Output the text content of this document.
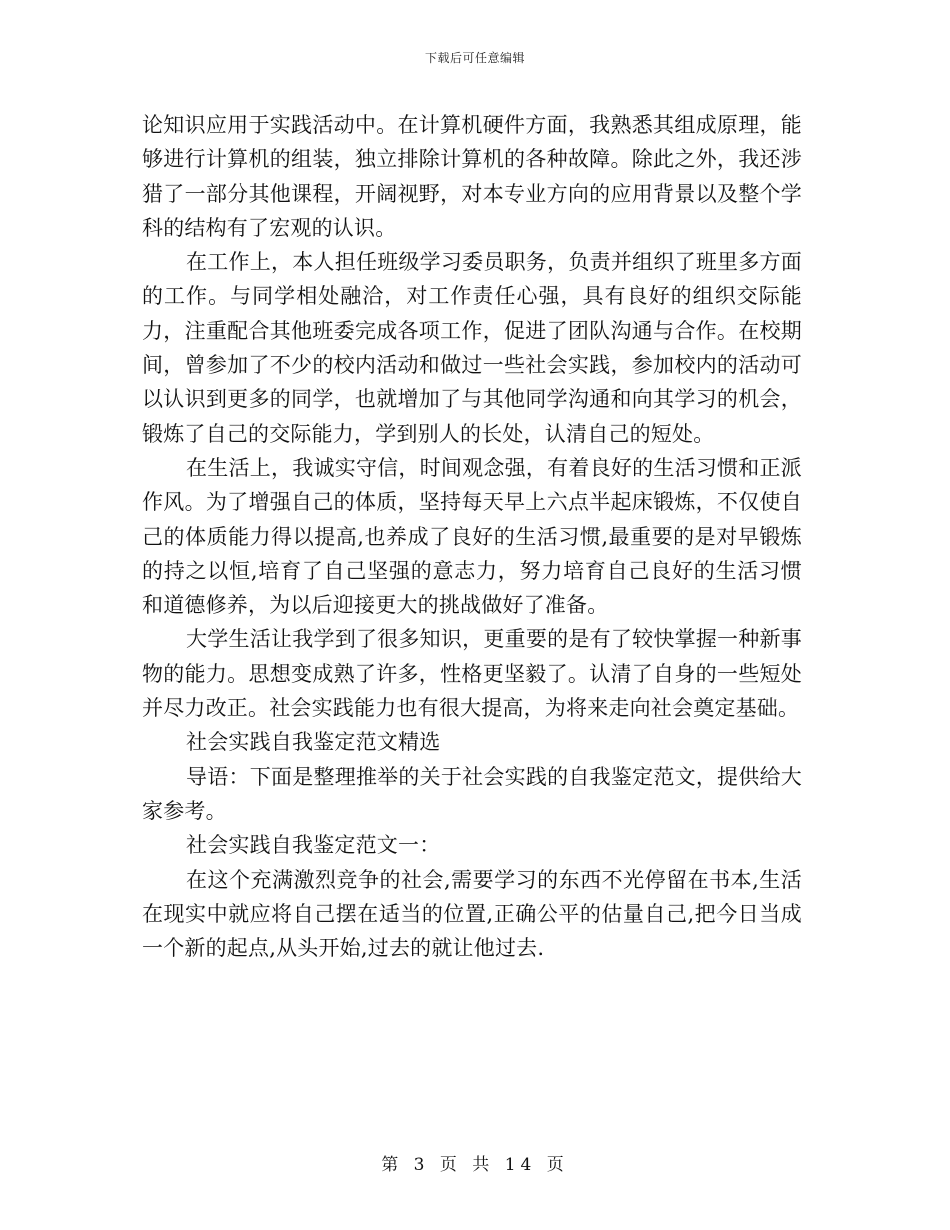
下载后可任意编辑

论知识应用于实践活动中。在计算机硬件方面，我熟悉其组成原理，能够进行计算机的组装，独立排除计算机的各种故障。除此之外，我还涉猎了一部分其他课程，开阔视野，对本专业方向的应用背景以及整个学科的结构有了宏观的认识。

在工作上，本人担任班级学习委员职务，负责并组织了班里多方面的工作。与同学相处融洽，对工作责任心强，具有良好的组织交际能力，注重配合其他班委完成各项工作，促进了团队沟通与合作。在校期间，曾参加了不少的校内活动和做过一些社会实践，参加校内的活动可以认识到更多的同学，也就增加了与其他同学沟通和向其学习的机会，锻炼了自己的交际能力，学到别人的长处，认清自己的短处。

在生活上，我诚实守信，时间观念强，有着良好的生活习惯和正派作风。为了增强自己的体质，坚持每天早上六点半起床锻炼，不仅使自己的体质能力得以提高,也养成了良好的生活习惯,最重要的是对早锻炼的持之以恒,培育了自己坚强的意志力，努力培育自己良好的生活习惯和道德修养，为以后迎接更大的挑战做好了准备。

大学生活让我学到了很多知识，更重要的是有了较快掌握一种新事物的能力。思想变成熟了许多，性格更坚毅了。认清了自身的一些短处并尽力改正。社会实践能力也有很大提高，为将来走向社会奠定基础。

社会实践自我鉴定范文精选

导语：下面是整理推举的关于社会实践的自我鉴定范文，提供给大家参考。

社会实践自我鉴定范文一：

在这个充满激烈竞争的社会,需要学习的东西不光停留在书本,生活在现实中就应将自己摆在适当的位置,正确公平的估量自己,把今日当成一个新的起点,从头开始,过去的就让他过去.

第 3 页 共 14 页
